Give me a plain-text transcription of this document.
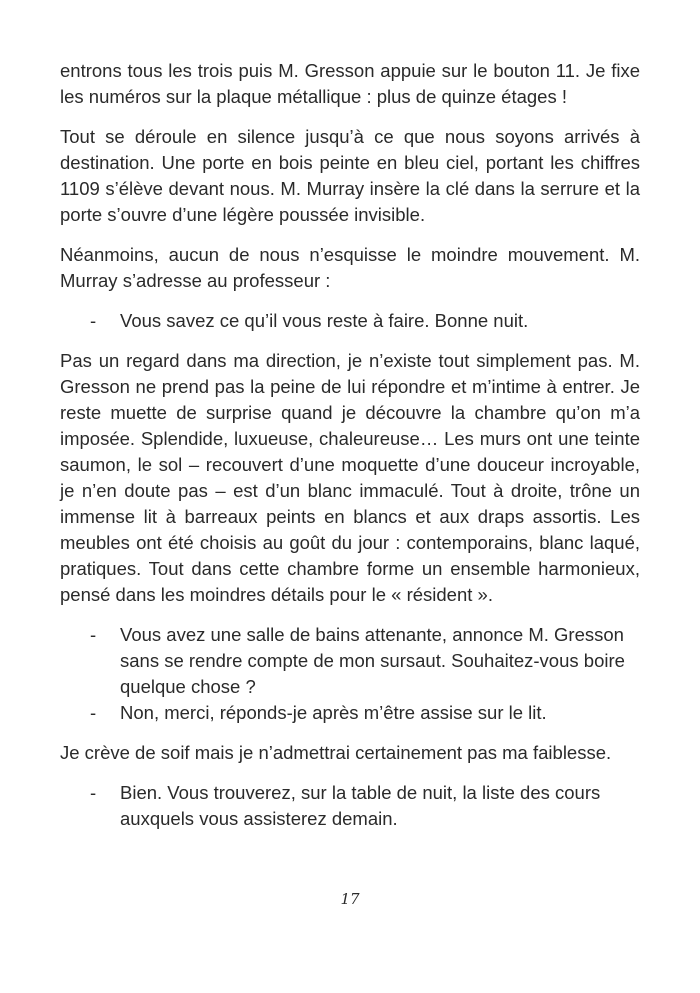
entrons tous les trois puis M. Gresson appuie sur le bouton 11. Je fixe les numéros sur la plaque métallique : plus de quinze étages !

Tout se déroule en silence jusqu’à ce que nous soyons arrivés à destination. Une porte en bois peinte en bleu ciel, portant les chiffres 1109 s’élève devant nous. M. Murray insère la clé dans la serrure et la porte s’ouvre d’une légère poussée invisible.

Néanmoins, aucun de nous n’esquisse le moindre mouvement. M. Murray s’adresse au professeur :

-	Vous savez ce qu’il vous reste à faire. Bonne nuit.

Pas un regard dans ma direction, je n’existe tout simplement pas. M. Gresson ne prend pas la peine de lui répondre et m’intime à entrer. Je reste muette de surprise quand je découvre la chambre qu’on m’a imposée. Splendide, luxueuse, chaleureuse… Les murs ont une teinte saumon, le sol – recouvert d’une moquette d’une douceur incroyable, je n’en doute pas – est d’un blanc immaculé. Tout à droite, trône un immense lit à barreaux peints en blancs et aux draps assortis. Les meubles ont été choisis au goût du jour : contemporains, blanc laqué, pratiques. Tout dans cette chambre forme un ensemble harmonieux, pensé dans les moindres détails pour le « résident ».

-	Vous avez une salle de bains attenante, annonce M. Gresson sans se rendre compte de mon sursaut. Souhaitez-vous boire quelque chose ?
-	Non, merci, réponds-je après m’être assise sur le lit.

Je crève de soif mais je n’admettrai certainement pas ma faiblesse.

-	Bien. Vous trouverez, sur la table de nuit, la liste des cours auxquels vous assisterez demain.
17
